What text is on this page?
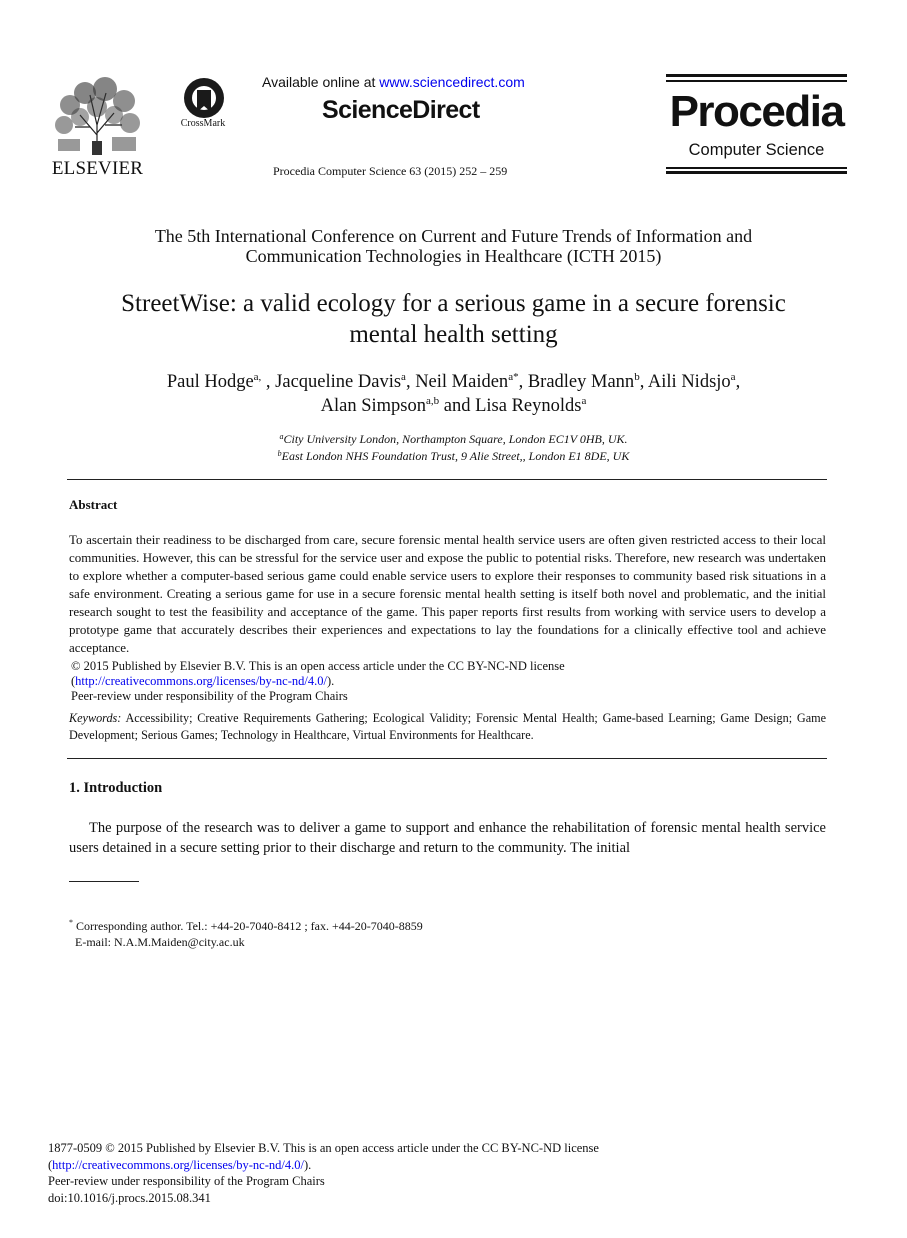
ELSEVIER
CrossMark
Available online at www.sciencedirect.com
ScienceDirect
Procedia Computer Science 63 (2015) 252 – 259
Procedia
Computer Science
The 5th International Conference on Current and Future Trends of Information and
Communication Technologies in Healthcare (ICTH 2015)
StreetWise: a valid ecology for a serious game in a secure forensic
mental health setting
Paul Hodge$^{a,}$ , Jacqueline Davis$^a$, Neil Maiden$^{a*}$, Bradley Mann$^b$, Aili Nidsjo$^a$,
Alan Simpson$^{a,b}$ and Lisa Reynolds$^a$
$^a$City University London, Northampton Square, London EC1V 0HB, UK.
$^b$East London NHS Foundation Trust, 9 Alie Street,, London E1 8DE, UK
Abstract
To ascertain their readiness to be discharged from care, secure forensic mental health service users are often given restricted access to their local communities. However, this can be stressful for the service user and expose the public to potential risks. Therefore, new research was undertaken to explore whether a computer-based serious game could enable service users to explore their responses to community based risk situations in a safe environment. Creating a serious game for use in a secure forensic mental health setting is itself both novel and problematic, and the initial research sought to test the feasibility and acceptance of the game. This paper reports first results from working with service users to develop a prototype game that accurately describes their experiences and expectations to lay the foundations for a clinically effective tool and achieve acceptance.
© 2015 Published by Elsevier B.V. This is an open access article under the CC BY-NC-ND license
(http://creativecommons.org/licenses/by-nc-nd/4.0/).
Peer-review under responsibility of the Program Chairs
Keywords: Accessibility; Creative Requirements Gathering; Ecological Validity; Forensic Mental Health; Game-based Learning; Game Design; Game Development; Serious Games; Technology in Healthcare, Virtual Environments for Healthcare.
1. Introduction
The purpose of the research was to deliver a game to support and enhance the rehabilitation of forensic mental health service users detained in a secure setting prior to their discharge and return to the community. The initial
* Corresponding author. Tel.: +44-20-7040-8412 ; fax. +44-20-7040-8859
E-mail: N.A.M.Maiden@city.ac.uk
1877-0509 © 2015 Published by Elsevier B.V. This is an open access article under the CC BY-NC-ND license
(http://creativecommons.org/licenses/by-nc-nd/4.0/).
Peer-review under responsibility of the Program Chairs
doi:10.1016/j.procs.2015.08.341
